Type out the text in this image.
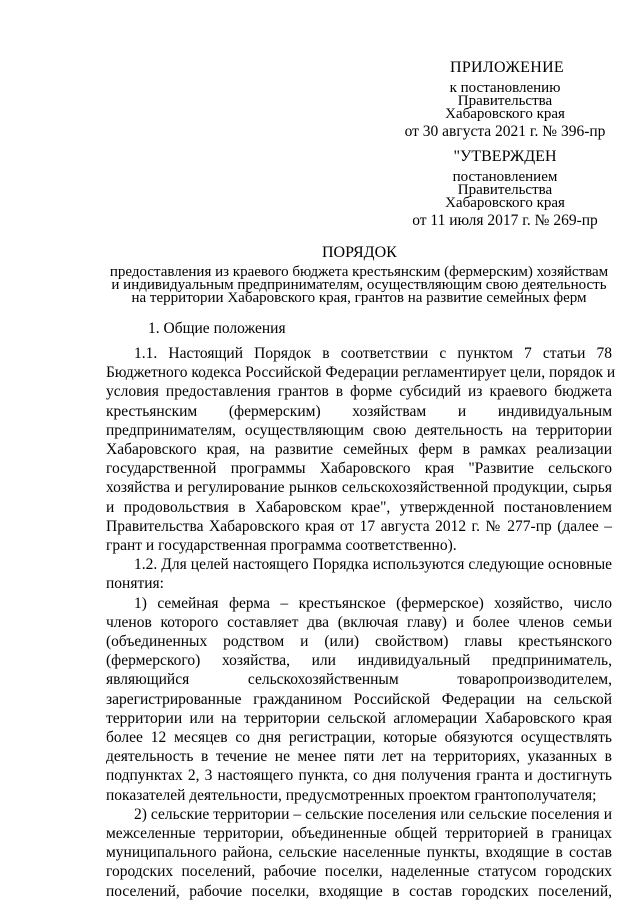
ПРИЛОЖЕНИЕ
к постановлению
Правительства
Хабаровского края
от 30 августа 2021 г. № 396-пр
"УТВЕРЖДЕН
постановлением
Правительства
Хабаровского края
от 11 июля 2017 г. № 269-пр
ПОРЯДОК
предоставления из краевого бюджета крестьянским (фермерским) хозяйствам
и индивидуальным предпринимателям, осуществляющим свою деятельность
на территории Хабаровского края, грантов на развитие семейных ферм
1. Общие положения
1.1. Настоящий Порядок в соответствии с пунктом 7 статьи 78
Бюджетного кодекса Российской Федерации регламентирует цели, порядок и
условия предоставления грантов в форме субсидий из краевого бюджета
крестьянским (фермерским) хозяйствам и индивидуальным
предпринимателям, осуществляющим свою деятельность на территории
Хабаровского края, на развитие семейных ферм в рамках реализации
государственной программы Хабаровского края "Развитие сельского
хозяйства и регулирование рынков сельскохозяйственной продукции, сырья
и продовольствия в Хабаровском крае", утвержденной постановлением
Правительства Хабаровского края от 17 августа 2012 г. № 277-пр (далее –
грант и государственная программа соответственно).
1.2. Для целей настоящего Порядка используются следующие основные
понятия:
1) семейная ферма – крестьянское (фермерское) хозяйство, число
членов которого составляет два (включая главу) и более членов семьи
(объединенных родством и (или) свойством) главы крестьянского
(фермерского) хозяйства, или индивидуальный предприниматель,
являющийся сельскохозяйственным товаропроизводителем,
зарегистрированные гражданином Российской Федерации на сельской
территории или на территории сельской агломерации Хабаровского края
более 12 месяцев со дня регистрации, которые обязуются осуществлять
деятельность в течение не менее пяти лет на территориях, указанных в
подпунктах 2, 3 настоящего пункта, со дня получения гранта и достигнуть
показателей деятельности, предусмотренных проектом грантополучателя;
2) сельские территории – сельские поселения или сельские поселения и
межселенные территории, объединенные общей территорией в границах
муниципального района, сельские населенные пункты, входящие в состав
городских поселений, рабочие поселки, наделенные статусом городских
поселений, рабочие поселки, входящие в состав городских поселений,
